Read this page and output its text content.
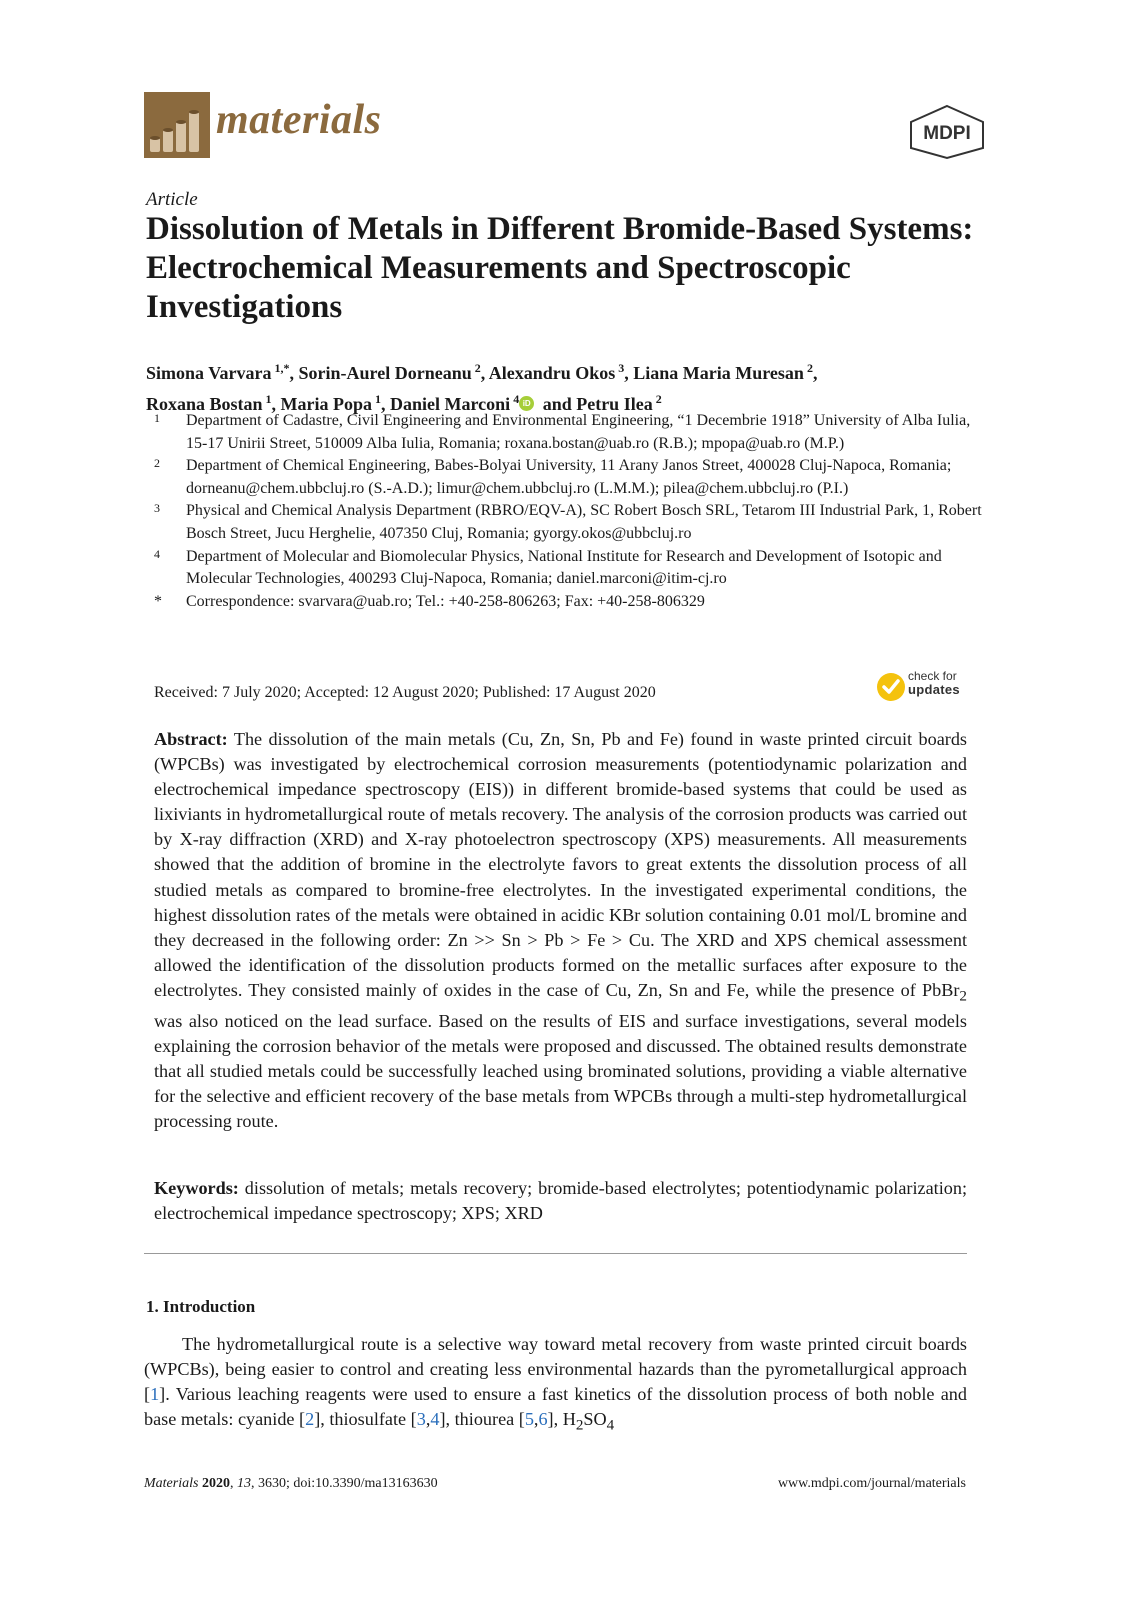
materials	MDPI
Article
Dissolution of Metals in Different Bromide-Based Systems: Electrochemical Measurements and Spectroscopic Investigations
Simona Varvara $^{1,*}$, Sorin-Aurel Dorneanu $^2$, Alexandru Okos $^3$, Liana Maria Muresan $^2$,
Roxana Bostan $^1$, Maria Popa $^1$, Daniel Marconi $^4$ iD and Petru Ilea $^2$
1 Department of Cadastre, Civil Engineering and Environmental Engineering, “1 Decembrie 1918” University of Alba Iulia, 15-17 Unirii Street, 510009 Alba Iulia, Romania; roxana.bostan@uab.ro (R.B.); mpopa@uab.ro (M.P.)
2 Department of Chemical Engineering, Babes-Bolyai University, 11 Arany Janos Street, 400028 Cluj-Napoca, Romania; dorneanu@chem.ubbcluj.ro (S.-A.D.); limur@chem.ubbcluj.ro (L.M.M.); pilea@chem.ubbcluj.ro (P.I.)
3 Physical and Chemical Analysis Department (RBRO/EQV-A), SC Robert Bosch SRL, Tetarom III Industrial Park, 1, Robert Bosch Street, Jucu Herghelie, 407350 Cluj, Romania; gyorgy.okos@ubbcluj.ro
4 Department of Molecular and Biomolecular Physics, National Institute for Research and Development of Isotopic and Molecular Technologies, 400293 Cluj-Napoca, Romania; daniel.marconi@itim-cj.ro
* Correspondence: svarvara@uab.ro; Tel.: +40-258-806263; Fax: +40-258-806329
Received: 7 July 2020; Accepted: 12 August 2020; Published: 17 August 2020
check for
updates

Abstract: The dissolution of the main metals (Cu, Zn, Sn, Pb and Fe) found in waste printed circuit boards (WPCBs) was investigated by electrochemical corrosion measurements (potentiodynamic polarization and electrochemical impedance spectroscopy (EIS)) in different bromide-based systems that could be used as lixiviants in hydrometallurgical route of metals recovery. The analysis of the corrosion products was carried out by X-ray diffraction (XRD) and X-ray photoelectron spectroscopy (XPS) measurements. All measurements showed that the addition of bromine in the electrolyte favors to great extents the dissolution process of all studied metals as compared to bromine-free electrolytes. In the investigated experimental conditions, the highest dissolution rates of the metals were obtained in acidic KBr solution containing 0.01 mol/L bromine and they decreased in the following order: Zn >> Sn > Pb > Fe > Cu. The XRD and XPS chemical assessment allowed the identification of the dissolution products formed on the metallic surfaces after exposure to the electrolytes. They consisted mainly of oxides in the case of Cu, Zn, Sn and Fe, while the presence of PbBr$_2$ was also noticed on the lead surface. Based on the results of EIS and surface investigations, several models explaining the corrosion behavior of the metals were proposed and discussed. The obtained results demonstrate that all studied metals could be successfully leached using brominated solutions, providing a viable alternative for the selective and efficient recovery of the base metals from WPCBs through a multi-step hydrometallurgical processing route.

Keywords: dissolution of metals; metals recovery; bromide-based electrolytes; potentiodynamic polarization; electrochemical impedance spectroscopy; XPS; XRD

1. Introduction

The hydrometallurgical route is a selective way toward metal recovery from waste printed circuit boards (WPCBs), being easier to control and creating less environmental hazards than the pyrometallurgical approach [1]. Various leaching reagents were used to ensure a fast kinetics of the dissolution process of both noble and base metals: cyanide [2], thiosulfate [3,4], thiourea [5,6], $H_2SO_4$

Materials 2020, 13, 3630; doi:10.3390/ma13163630	www.mdpi.com/journal/materials
